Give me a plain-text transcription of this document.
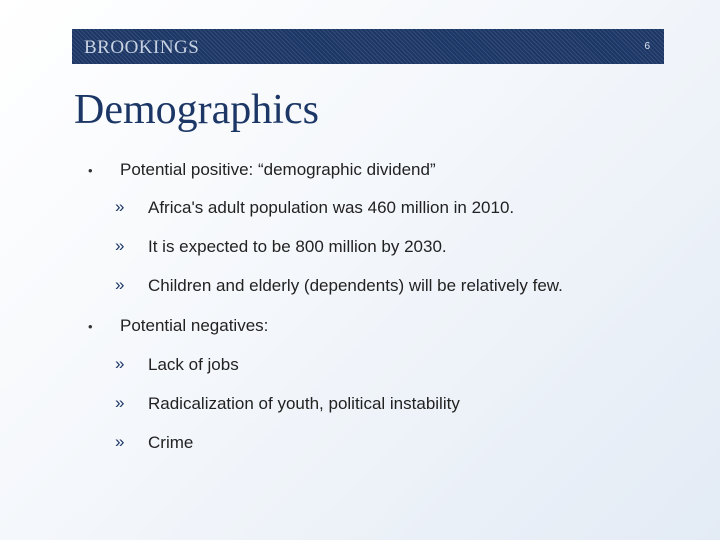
BROOKINGS	6
Demographics
• Potential positive: “demographic dividend”
» Africa's adult population was 460 million in 2010.
» It is expected to be 800 million by 2030.
» Children and elderly (dependents) will be relatively few.
• Potential negatives:
» Lack of jobs
» Radicalization of youth, political instability
» Crime
